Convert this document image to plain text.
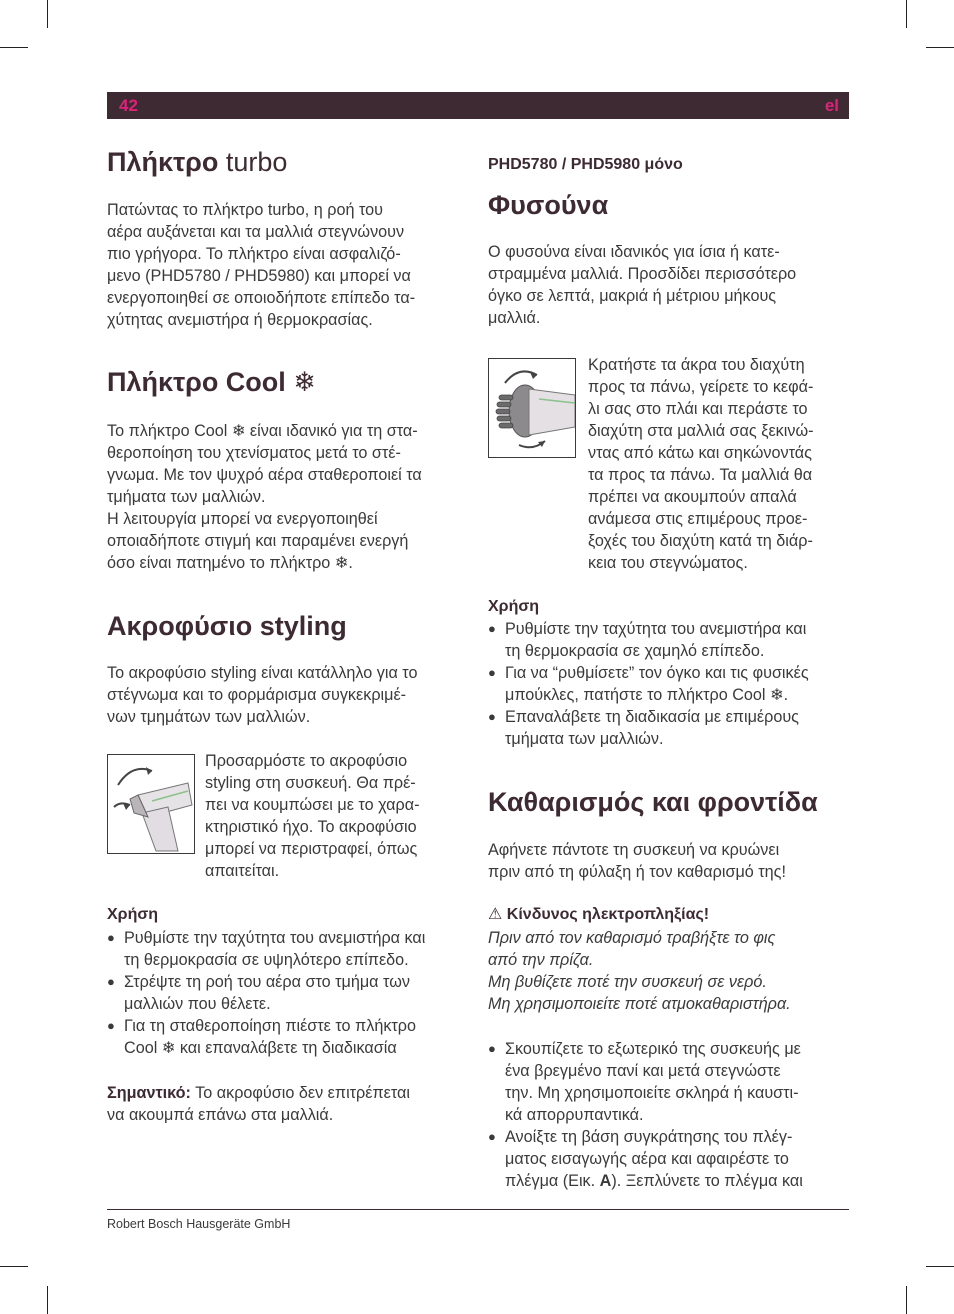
42	el
Πλήκτρο turbo

Πατώντας το πλήκτρο turbo, η ροή του

αέρα αυξάνεται και τα μαλλιά στεγνώνουν

πιο γρήγορα. Το πλήκτρο είναι ασφαλιζό-

μενο (PHD5780 / PHD5980) και μπορεί να

ενεργοποιηθεί σε οποιοδήποτε επίπεδο τα-

χύτητας ανεμιστήρα ή θερμοκρασίας.

Πλήκτρο Cool ❄

Το πλήκτρο Cool ❄ είναι ιδανικό για τη στα-

θεροποίηση του χτενίσματος μετά το στέ-

γνωμα. Με τον ψυχρό αέρα σταθεροποιεί τα

τμήματα των μαλλιών.

Η λειτουργία μπορεί να ενεργοποιηθεί

οποιαδήποτε στιγμή και παραμένει ενεργή

όσο είναι πατημένο το πλήκτρο ❄.

Ακροφύσιο styling

Το ακροφύσιο styling είναι κατάλληλο για το

στέγνωμα και το φορμάρισμα συγκεκριμέ-

νων τμημάτων των μαλλιών.

Προσαρμόστε το ακροφύσιο

styling στη συσκευή. Θα πρέ-

πει να κουμπώσει με το χαρα-

κτηριστικό ήχο. Το ακροφύσιο

μπορεί να περιστραφεί, όπως

απαιτείται.

Χρήση
● Ρυθμίστε την ταχύτητα του ανεμιστήρα και
τη θερμοκρασία σε υψηλότερο επίπεδο.
● Στρέψτε τη ροή του αέρα στο τμήμα των
μαλλιών που θέλετε.
● Για τη σταθεροποίηση πιέστε το πλήκτρο
Cool ❄ και επαναλάβετε τη διαδικασία

Σημαντικό: Το ακροφύσιο δεν επιτρέπεται

να ακουμπά επάνω στα μαλλιά.

PHD5780 / PHD5980 μόνο
Φυσούνα

Ο φυσούνα είναι ιδανικός για ίσια ή κατε-

στραμμένα μαλλιά. Προσδίδει περισσότερο

όγκο σε λεπτά, μακριά ή μέτριου μήκους

μαλλιά.

Κρατήστε τα άκρα του διαχύτη

προς τα πάνω, γείρετε το κεφά-

λι σας στο πλάι και περάστε το

διαχύτη στα μαλλιά σας ξεκινώ-

ντας από κάτω και σηκώνοντάς

τα προς τα πάνω. Τα μαλλιά θα

πρέπει να ακουμπούν απαλά

ανάμεσα στις επιμέρους προε-

ξοχές του διαχύτη κατά τη διάρ-

κεια του στεγνώματος.

Χρήση
● Ρυθμίστε την ταχύτητα του ανεμιστήρα και
τη θερμοκρασία σε χαμηλό επίπεδο.
● Για να “ρυθμίσετε” τον όγκο και τις φυσικές
μπούκλες, πατήστε το πλήκτρο Cool ❄.
● Επαναλάβετε τη διαδικασία με επιμέρους
τμήματα των μαλλιών.
Καθαρισμός και φροντίδα

Αφήνετε πάντοτε τη συσκευή να κρυώνει

πριν από τη φύλαξη ή τον καθαρισμό της!

⚠ Κίνδυνος ηλεκτροπληξίας!

Πριν από τον καθαρισμό τραβήξτε το φις

από την πρίζα.

Μη βυθίζετε ποτέ την συσκευή σε νερό.

Μη χρησιμοποιείτε ποτέ ατμοκαθαριστήρα.

● Σκουπίζετε το εξωτερικό της συσκευής με
ένα βρεγμένο πανί και μετά στεγνώστε
την. Μη χρησιμοποιείτε σκληρά ή καυστι-
κά απορρυπαντικά.
● Ανοίξτε τη βάση συγκράτησης του πλέγ-
ματος εισαγωγής αέρα και αφαιρέστε το
πλέγμα (Εικ. A). Ξεπλύνετε το πλέγμα και
Robert Bosch Hausgeräte GmbH
